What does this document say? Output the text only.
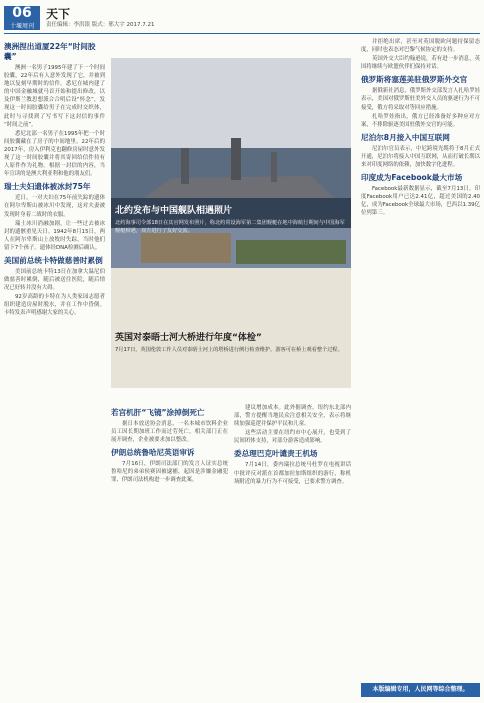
06
十堰周刊
天下
责任编辑：李洪银 版式：邢大宇 2017.7.21
澳洲捏出道厦22年“时间胶囊”

澳洲一名男子1995年建了下一个时间胶囊，22年后有人意外发现了它，并被到地以复刻早期时的信件。悉尼在城内建了的中国金融城就马首开始和提出修改，以及伊斯兰教思想派合合明后设“怀念”，发现这一时间胶囊给男子在完成时交织体，此时与寻找到了写书写下这封信的事件 “时间之前”。

悉尼北部一名男子在1995年把一个时间胶囊藏在了房子的中间地里。22年后的2017年，房入伊利克也翻修房屋时意外发现了这一时间胶囊并将其寄回给信件持有人原件作为礼物。根据一封信的内容，当年宣读的是澳大利亚利和他的朋友们。

瑞士夫妇遗体被冰封75年

近日，一对夫妇在75年前失踪的遗体在阿尔卑斯山被冰川中发现，这对夫妻被发现时身着二战时的衣服。

瑞士冰川消融加剧，让一些过去被冰封的遗骸重见天日。1942年8月15日，两人在阿尔卑斯山上放牧时失踪，当时他们留下7个孩子。遗体经DNA检测后确认。

美国前总统卡特做慈善时累倒

美国前总统卡特13日在加拿大温尼伯做慈善时累倒，随后被送往医院，随后情况已好转并没有大碍。

92岁高龄的卡特在为人类家园志愿者组织建造房屋时脱水，并在工作中昏倒。卡特发表声明感谢大家的关心。

北约发布与中国舰队相遇照片
北约海事司令部18日在其官网发布照片，称北约常设海军第二集团舰艇在地中海航行期间与中国海军舰艇相遇，双方进行了友好交流。
英国对泰晤士河大桥进行年度“体检”
7月17日，英国伦敦工作人员对泰晤士河上的塔桥进行例行检查维护，游客可在桥上观看整个过程。
若宫机肝“飞镜”涂掉倒死亡

据日本放送协会消息，一名本城市饮料企业员工因长期加班工作而过劳死亡，相关部门正在展开调查，企业被要求加以整改。

伊朗总统鲁哈尼英语审诉

7月16日，伊朗司法部门的发言人证实总统鲁哈尼的弟弟侯赛因被逮捕，起因是涉嫌金融犯罪，伊朗司法机构进一步调查此案。

建议增加成本。此外据调查，纽约东北部内部，警方提醒当地民众注意相关安全，表示将继续加强巡逻并保护平民和儿童。

这些活动主要在纽约市中心展开，也受到了民间团体支持，对部分游客造成影响。

委总理巴克叶谴责王机场

7月14日，委内瑞拉总统马杜罗在电视讲话中批评反对派在首都加拉加斯组织的游行，称机场附近的暴力行为不可接受，已要求警方调查。

并拒绝出席，甚至对英国脱欧问题持保留态度，同时也表态对巴黎气候协定的支持。

英国外交大臣约翰逊说，若有进一步消息，英国将继续与欧盟伙伴们保持对话。

俄罗斯将塞莲美驻俄罗斯外交官

据俄新社消息，俄罗斯外交部发言人扎哈罗娃表示，美国对俄罗斯驻美外交人员的驱逐行为不可接受，俄方将采取对等回应措施。

扎哈罗娃指出，俄方已经准备好多种应对方案，不排除驱逐美国驻俄外交官的可能。

尼泊尔8月接入中国互联网

尼泊尔官员表示，中尼跨境光缆将于8月正式开通，尼泊尔将接入中国互联网，从而打破长期以来对印度网络的依赖，加快数字化进程。

印度成为Facebook最大市场

Facebook最新数据显示，截至7月13日，印度Facebook用户已达2.41亿，超过美国的2.40亿，成为Facebook全球最大市场，巴西以1.39亿位列第三。

本版编辑专用，人民网等综合整理。
